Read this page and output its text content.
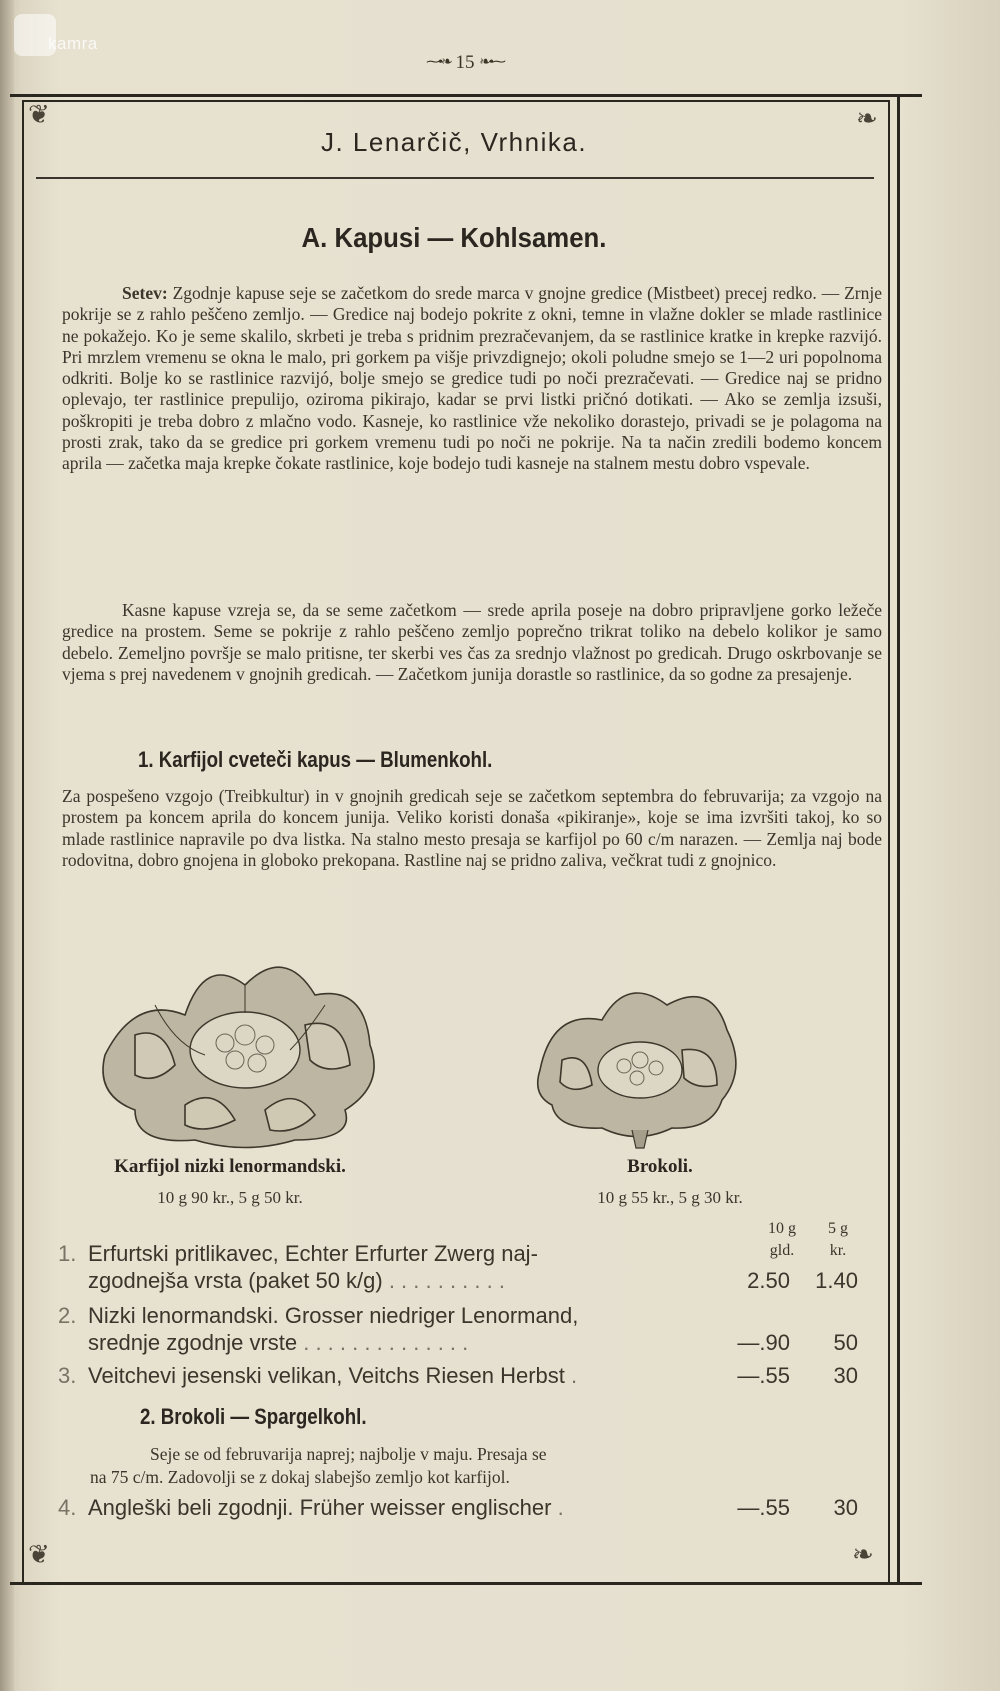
kamra
⁓•❧ 15 ❧•⁓
❦	❧
❦	❧
J. Lenarčič, Vrhnika.
A. Kapusi — Kohlsamen.
Setev: Zgodnje kapuse seje se začetkom do srede marca v gnojne gredice (Mistbeet) precej redko. — Zrnje pokrije se z rahlo peščeno zemljo. — Gredice naj bodejo pokrite z okni, temne in vlažne dokler se mlade rastlinice ne pokažejo. Ko je seme skalilo, skrbeti je treba s pridnim prezračevanjem, da se rastlinice kratke in krepke razvijó. Pri mrzlem vremenu se okna le malo, pri gorkem pa višje privzdignejo; okoli poludne smejo se 1—2 uri popolnoma odkriti. Bolje ko se rastlinice razvijó, bolje smejo se gredice tudi po noči prezračevati. — Gredice naj se pridno oplevajo, ter rastlinice prepulijo, oziroma pikirajo, kadar se prvi listki pričnó dotikati. — Ako se zemlja izsuši, poškropiti je treba dobro z mlačno vodo. Kasneje, ko rastlinice vže nekoliko dorastejo, privadi se je polagoma na prosti zrak, tako da se gredice pri gorkem vremenu tudi po noči ne pokrije. Na ta način zredili bodemo koncem aprila — začetka maja krepke čokate rastlinice, koje bodejo tudi kasneje na stalnem mestu dobro vspevale.
Kasne kapuse vzreja se, da se seme začetkom — srede aprila poseje na dobro pripravljene gorko ležeče gredice na prostem. Seme se pokrije z rahlo peščeno zemljo poprečno trikrat toliko na debelo kolikor je samo debelo. Zemeljno površje se malo pritisne, ter skerbi ves čas za srednjo vlažnost po gredicah. Drugo oskrbovanje se vjema s prej navedenem v gnojnih gredicah. — Začetkom junija dorastle so rastlinice, da so godne za presajenje.
1. Karfijol cveteči kapus — Blumenkohl.
Za pospešeno vzgojo (Treibkultur) in v gnojnih gredicah seje se začetkom septembra do februvarija; za vzgojo na prostem pa koncem aprila do koncem junija. Veliko koristi donaša «pikiranje», koje se ima izvršiti takoj, ko so mlade rastlinice napravile po dva listka. Na stalno mesto presaja se karfijol po 60 c/m narazen. — Zemlja naj bode rodovitna, dobro gnojena in globoko prekopana. Rastline naj se pridno zaliva, večkrat tudi z gnojnico.
Karfijol nizki lenormandski.
10 g 90 kr., 5 g 50 kr.
Brokoli.
10 g 55 kr., 5 g 30 kr.
10 g
gld.
5 g
kr.
1. Erfurtski pritlikavec, Echter Erfurter Zwerg naj-
zgodnejša vrsta (paket 50 k/g) . . . . . . . . . .	2.50	1.40
2. Nizki lenormandski. Grosser niedriger Lenormand,
srednje zgodnje vrste . . . . . . . . . . . . . .	—.90	50
3. Veitchevi jesenski velikan, Veitchs Riesen Herbst .	—.55	30
2. Brokoli — Spargelkohl.
Seje se od februvarija naprej; najbolje v maju. Presaja se
na 75 c/m. Zadovolji se z dokaj slabejšo zemljo kot karfijol.
4. Angleški beli zgodnji. Früher weisser englischer .	—.55	30
